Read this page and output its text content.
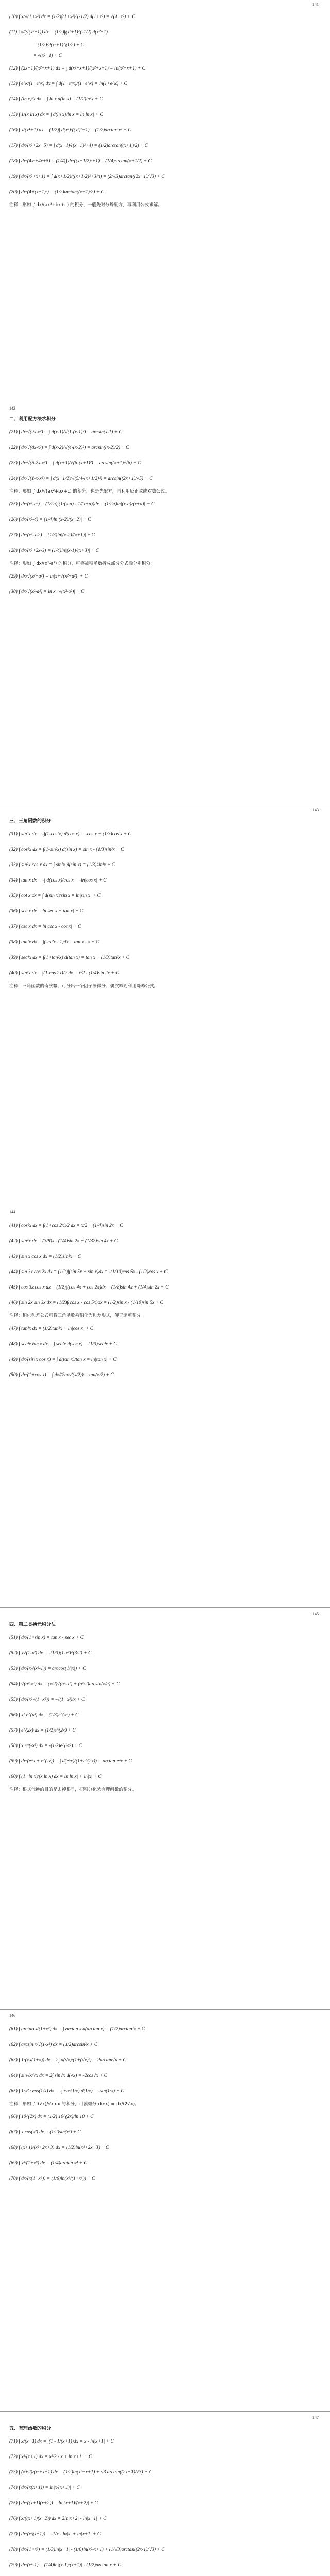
141
(10) ∫ x/√(1+x²) dx = (1/2)∫(1+x²)^(-1/2) d(1+x²) = √(1+x²) + C
(11) ∫ x/(√(x²+1)) dx = (1/2)∫(x²+1)^(-1/2) d(x²+1)
= (1/2)·2(x²+1)^(1/2) + C
= √(x²+1) + C
(12) ∫ (2x+1)/(x²+x+1) dx = ∫ d(x²+x+1)/(x²+x+1) = ln(x²+x+1) + C
(13) ∫ e^x/(1+e^x) dx = ∫ d(1+e^x)/(1+e^x) = ln(1+e^x) + C
(14) ∫ (ln x)/x dx = ∫ ln x d(ln x) = (1/2)ln²x + C
(15) ∫ 1/(x ln x) dx = ∫ d(ln x)/ln x = ln|ln x| + C
(16) ∫ x/(x⁴+1) dx = (1/2)∫ d(x²)/((x²)²+1) = (1/2)arctan x² + C
(17) ∫ dx/(x²+2x+5) = ∫ d(x+1)/((x+1)²+4) = (1/2)arctan((x+1)/2) + C
(18) ∫ dx/(4x²+4x+5) = (1/4)∫ dx/((x+1/2)²+1) = (1/4)arctan(x+1/2) + C
(19) ∫ dx/(x²+x+1) = ∫ d(x+1/2)/((x+1/2)²+3/4) = (2/√3)arctan((2x+1)/√3) + C
(20) ∫ dx/(4+(x+1)²) = (1/2)arctan((x+1)/2) + C
注释：形如 ∫ dx/(ax²+bx+c) 的积分，一般先对分母配方，再利用公式求解。
142
二、利用配方法求积分
(21) ∫ dx/√(2x-x²) = ∫ d(x-1)/√(1-(x-1)²) = arcsin(x-1) + C
(22) ∫ dx/√(4x-x²) = ∫ d(x-2)/√(4-(x-2)²) = arcsin((x-2)/2) + C
(23) ∫ dx/√(5-2x-x²) = ∫ d(x+1)/√(6-(x+1)²) = arcsin((x+1)/√6) + C
(24) ∫ dx/√(1-x-x²) = ∫ d(x+1/2)/√(5/4-(x+1/2)²) = arcsin((2x+1)/√5) + C
注释：形如 ∫ dx/√(ax²+bx+c) 的积分，也是先配方，再利用反正弦或对数公式。
(25) ∫ dx/(x²-a²) = (1/2a)∫(1/(x-a) - 1/(x+a))dx = (1/2a)ln|(x-a)/(x+a)| + C
(26) ∫ dx/(x²-4) = (1/4)ln|(x-2)/(x+2)| + C
(27) ∫ dx/(x²-x-2) = (1/3)ln|(x-2)/(x+1)| + C
(28) ∫ dx/(x²+2x-3) = (1/4)ln|(x-1)/(x+3)| + C
注释：形如 ∫ dx/(x²-a²) 的积分，可将被积函数拆成部分分式后分别积分。
(29) ∫ dx/√(x²+a²) = ln|x+√(x²+a²)| + C
(30) ∫ dx/√(x²-a²) = ln|x+√(x²-a²)| + C
143
三、三角函数的积分
(31) ∫ sin³x dx = -∫(1-cos²x) d(cos x) = -cos x + (1/3)cos³x + C
(32) ∫ cos³x dx = ∫(1-sin²x) d(sin x) = sin x - (1/3)sin³x + C
(33) ∫ sin²x cos x dx = ∫ sin²x d(sin x) = (1/3)sin³x + C
(34) ∫ tan x dx = -∫ d(cos x)/cos x = -ln|cos x| + C
(35) ∫ cot x dx = ∫ d(sin x)/sin x = ln|sin x| + C
(36) ∫ sec x dx = ln|sec x + tan x| + C
(37) ∫ csc x dx = ln|csc x - cot x| + C
(38) ∫ tan²x dx = ∫(sec²x - 1)dx = tan x - x + C
(39) ∫ sec⁴x dx = ∫(1+tan²x) d(tan x) = tan x + (1/3)tan³x + C
(40) ∫ sin²x dx = ∫(1-cos 2x)/2 dx = x/2 - (1/4)sin 2x + C
注释：三角函数的奇次幂，可分出一个因子凑微分；偶次幂则利用降幂公式。
144
(41) ∫ cos²x dx = ∫(1+cos 2x)/2 dx = x/2 + (1/4)sin 2x + C
(42) ∫ sin⁴x dx = (3/8)x - (1/4)sin 2x + (1/32)sin 4x + C
(43) ∫ sin x cos x dx = (1/2)sin²x + C
(44) ∫ sin 3x cos 2x dx = (1/2)∫(sin 5x + sin x)dx = -(1/10)cos 5x - (1/2)cos x + C
(45) ∫ cos 3x cos x dx = (1/2)∫(cos 4x + cos 2x)dx = (1/8)sin 4x + (1/4)sin 2x + C
(46) ∫ sin 2x sin 3x dx = (1/2)∫(cos x - cos 5x)dx = (1/2)sin x - (1/10)sin 5x + C
注释：积化和差公式可将三角函数乘积化为和差形式，便于逐项积分。
(47) ∫ tan³x dx = (1/2)tan²x + ln|cos x| + C
(48) ∫ sec³x tan x dx = ∫ sec²x d(sec x) = (1/3)sec³x + C
(49) ∫ dx/(sin x cos x) = ∫ d(tan x)/tan x = ln|tan x| + C
(50) ∫ dx/(1+cos x) = ∫ dx/(2cos²(x/2)) = tan(x/2) + C
145
四、第二类换元积分法
(51) ∫ dx/(1+sin x) = tan x - sec x + C
(52) ∫ x√(1-x²) dx = -(1/3)(1-x²)^(3/2) + C
(53) ∫ dx/(x√(x²-1)) = arccos(1/|x|) + C
(54) ∫ √(a²-x²) dx = (x/2)√(a²-x²) + (a²/2)arcsin(x/a) + C
(55) ∫ dx/(x²√(1+x²)) = -√(1+x²)/x + C
(56) ∫ x² e^(x³) dx = (1/3)e^(x³) + C
(57) ∫ e^(2x) dx = (1/2)e^(2x) + C
(58) ∫ x e^(-x²) dx = -(1/2)e^(-x²) + C
(59) ∫ dx/(e^x + e^(-x)) = ∫ d(e^x)/(1+e^(2x)) = arctan e^x + C
(60) ∫ (1+ln x)/(x ln x) dx = ln|ln x| + ln|x| + C
注释：根式代换的目的是去掉根号，把积分化为有理函数的积分。
146
(61) ∫ arctan x/(1+x²) dx = ∫ arctan x d(arctan x) = (1/2)arctan²x + C
(62) ∫ arcsin x/√(1-x²) dx = (1/2)arcsin²x + C
(63) ∫ 1/(√x(1+x)) dx = 2∫ d(√x)/(1+(√x)²) = 2arctan√x + C
(64) ∫ sin√x/√x dx = 2∫ sin√x d(√x) = -2cos√x + C
(65) ∫ 1/x² · cos(1/x) dx = -∫ cos(1/x) d(1/x) = -sin(1/x) + C
注释：形如 ∫ f(√x)/√x dx 的积分，可凑微分 d(√x) = dx/(2√x)。
(66) ∫ 10^(2x) dx = (1/2)·10^(2x)/ln 10 + C
(67) ∫ x cos(x²) dx = (1/2)sin(x²) + C
(68) ∫ (x+1)/(x²+2x+3) dx = (1/2)ln(x²+2x+3) + C
(69) ∫ x³/(1+x⁸) dx = (1/4)arctan x⁴ + C
(70) ∫ dx/(x(1+x⁶)) = (1/6)ln(x⁶/(1+x⁶)) + C
147
五、有理函数的积分
(71) ∫ x/(x+1) dx = ∫(1 - 1/(x+1))dx = x - ln|x+1| + C
(72) ∫ x²/(x+1) dx = x²/2 - x + ln|x+1| + C
(73) ∫ (x+2)/(x²+x+1) dx = (1/2)ln(x²+x+1) + √3 arctan((2x+1)/√3) + C
(74) ∫ dx/(x(x+1)) = ln|x/(x+1)| + C
(75) ∫ dx/((x+1)(x+2)) = ln|(x+1)/(x+2)| + C
(76) ∫ x/((x+1)(x+2)) dx = 2ln|x+2| - ln|x+1| + C
(77) ∫ dx/(x²(x+1)) = -1/x - ln|x| + ln|x+1| + C
(78) ∫ dx/(1+x³) = (1/3)ln|x+1| - (1/6)ln(x²-x+1) + (1/√3)arctan((2x-1)/√3) + C
(79) ∫ dx/(x⁴-1) = (1/4)ln|(x-1)/(x+1)| - (1/2)arctan x + C
